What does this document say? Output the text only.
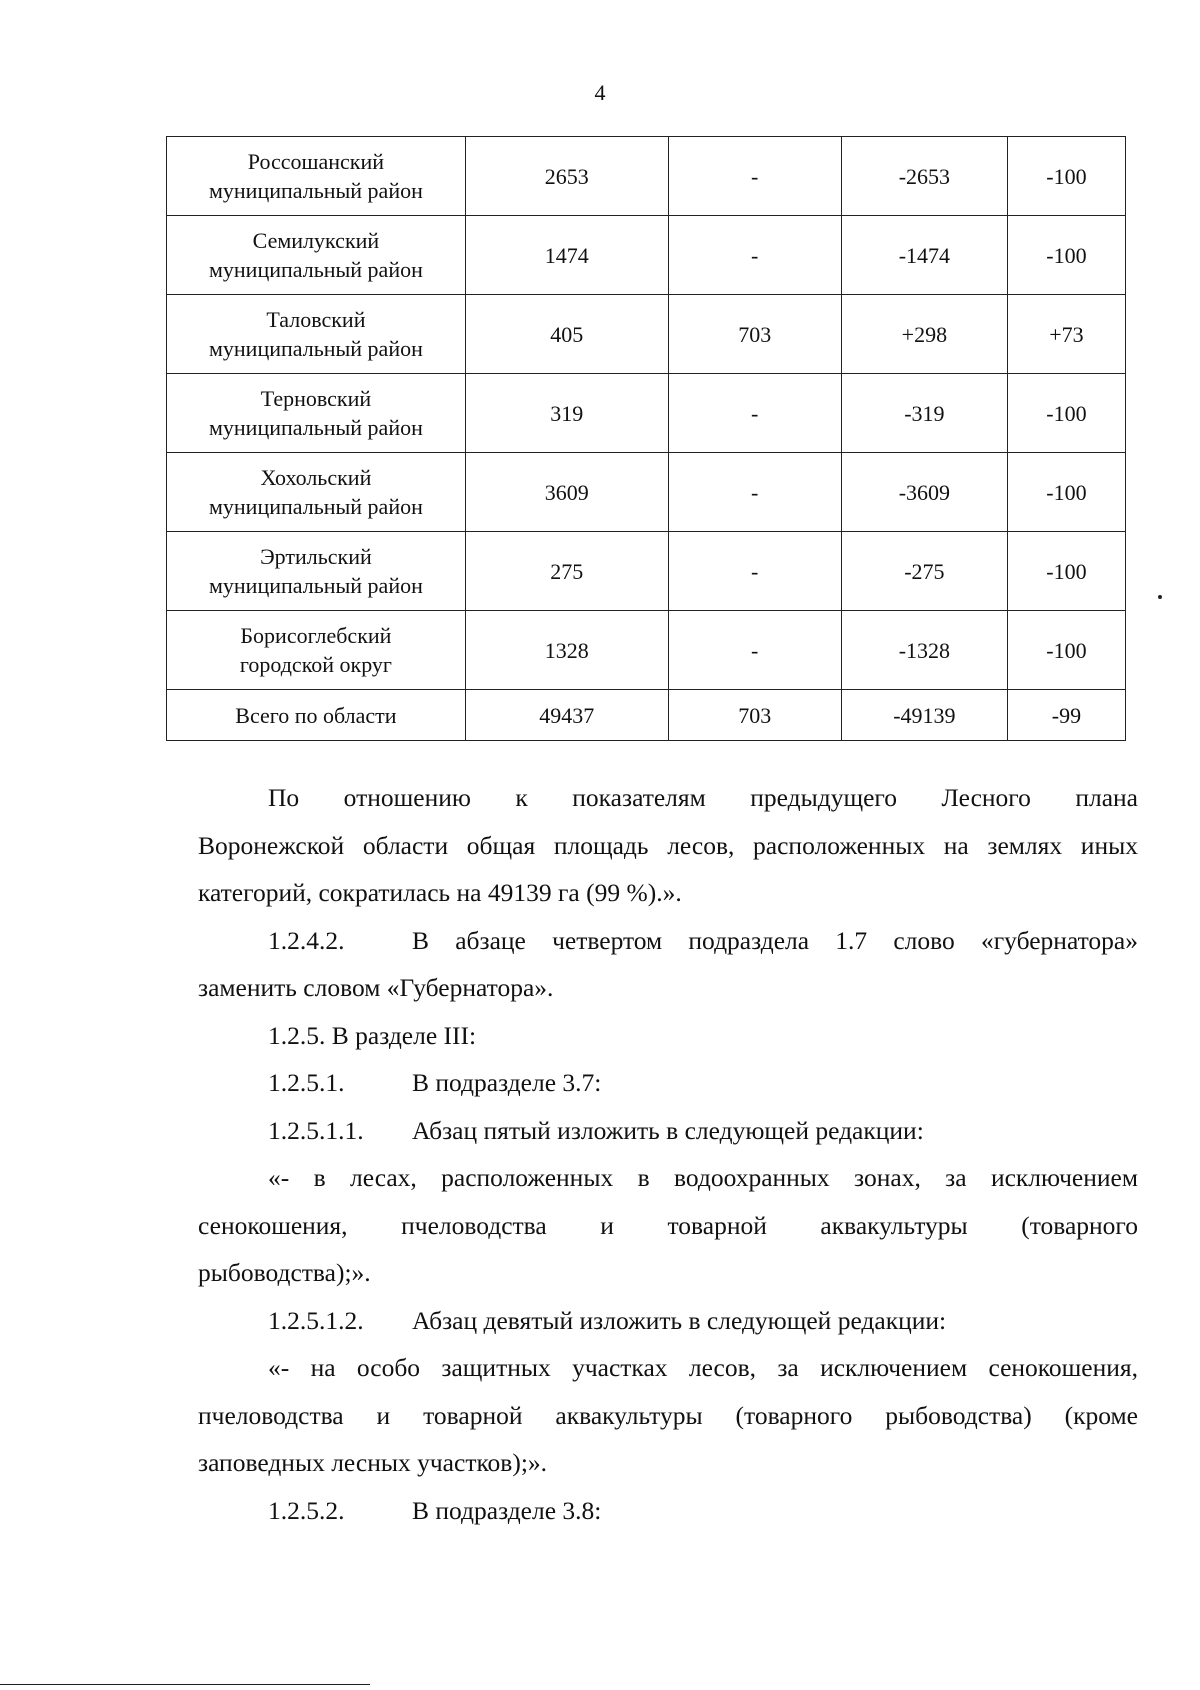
4
Россошанский
муниципальный район	2653	-	-2653	-100

Семилукский
муниципальный район	1474	-	-1474	-100

Таловский
муниципальный район	405	703	+298	+73

Терновский
муниципальный район	319	-	-319	-100

Хохольский
муниципальный район	3609	-	-3609	-100

Эртильский
муниципальный район	275	-	-275	-100

Борисоглебский
городской округ	1328	-	-1328	-100
Всего по области	49437	703	-49139	-99

По отношению к показателям предыдущего Лесного плана

Воронежской области общая площадь лесов, расположенных на землях иных

категорий, сократилась на 49139 га (99 %).».

1.2.4.2.	В абзаце четвертом подраздела 1.7 слово «губернатора»

заменить словом «Губернатора».

1.2.5. В разделе III:

1.2.5.1.	В подразделе 3.7:

1.2.5.1.1. Абзац пятый изложить в следующей редакции:

«- в лесах, расположенных в водоохранных зонах, за исключением

сенокошения, пчеловодства и товарной аквакультуры (товарного

рыбоводства);».

1.2.5.1.2. Абзац девятый изложить в следующей редакции:

«- на особо защитных участках лесов, за исключением сенокошения,

пчеловодства и товарной аквакультуры (товарного рыбоводства) (кроме

заповедных лесных участков);».

1.2.5.2.	В подразделе 3.8:
